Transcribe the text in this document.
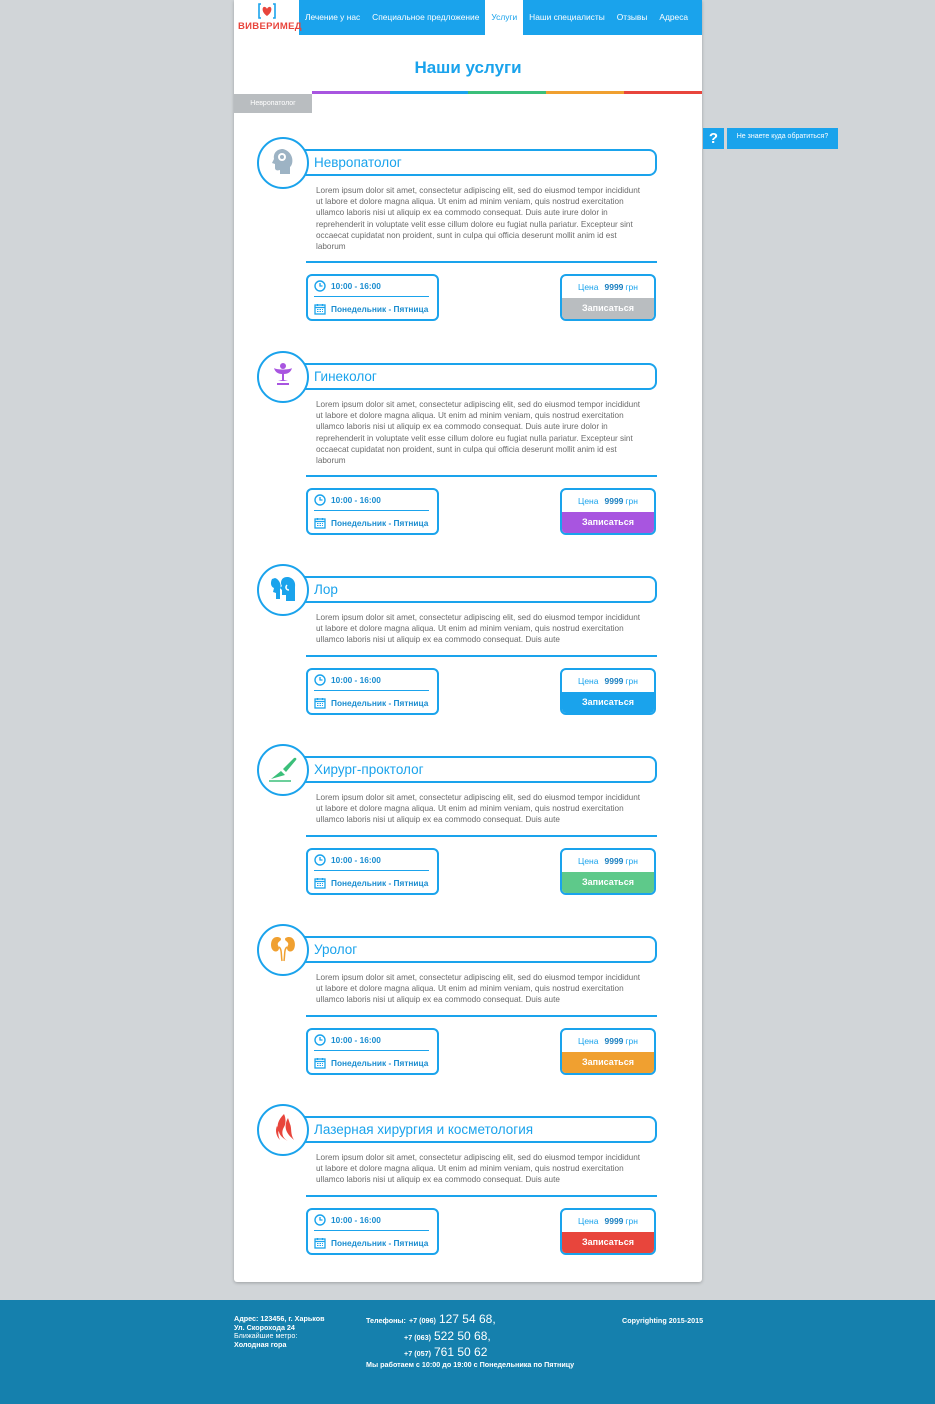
ВИВЕРИМЕД
Лечение у нас	Специальное предложение	Услуги	Наши специалисты	Отзывы	Адреса
Наши услуги
Невропатолог
?	Не знаете куда обратиться?
Невропатолог
Lorem ipsum dolor sit amet, consectetur adipiscing elit, sed do eiusmod tempor incididunt ut labore et dolore magna aliqua. Ut enim ad minim veniam, quis nostrud exercitation ullamco laboris nisi ut aliquip ex ea commodo consequat. Duis aute irure dolor in reprehenderit in voluptate velit esse cillum dolore eu fugiat nulla pariatur. Excepteur sint occaecat cupidatat non proident, sunt in culpa qui officia deserunt mollit anim id est laborum
10:00 - 16:00
Понедельник - Пятница
Цена 9999 грн
Записаться
Гинеколог
Lorem ipsum dolor sit amet, consectetur adipiscing elit, sed do eiusmod tempor incididunt ut labore et dolore magna aliqua. Ut enim ad minim veniam, quis nostrud exercitation ullamco laboris nisi ut aliquip ex ea commodo consequat. Duis aute irure dolor in reprehenderit in voluptate velit esse cillum dolore eu fugiat nulla pariatur. Excepteur sint occaecat cupidatat non proident, sunt in culpa qui officia deserunt mollit anim id est laborum
10:00 - 16:00
Понедельник - Пятница
Цена 9999 грн
Записаться
Лор
Lorem ipsum dolor sit amet, consectetur adipiscing elit, sed do eiusmod tempor incididunt ut labore et dolore magna aliqua. Ut enim ad minim veniam, quis nostrud exercitation ullamco laboris nisi ut aliquip ex ea commodo consequat. Duis aute
10:00 - 16:00
Понедельник - Пятница
Цена 9999 грн
Записаться
Хирург-проктолог
Lorem ipsum dolor sit amet, consectetur adipiscing elit, sed do eiusmod tempor incididunt ut labore et dolore magna aliqua. Ut enim ad minim veniam, quis nostrud exercitation ullamco laboris nisi ut aliquip ex ea commodo consequat. Duis aute
10:00 - 16:00
Понедельник - Пятница
Цена 9999 грн
Записаться
Уролог
Lorem ipsum dolor sit amet, consectetur adipiscing elit, sed do eiusmod tempor incididunt ut labore et dolore magna aliqua. Ut enim ad minim veniam, quis nostrud exercitation ullamco laboris nisi ut aliquip ex ea commodo consequat. Duis aute
10:00 - 16:00
Понедельник - Пятница
Цена 9999 грн
Записаться
Лазерная хирургия и косметология
Lorem ipsum dolor sit amet, consectetur adipiscing elit, sed do eiusmod tempor incididunt ut labore et dolore magna aliqua. Ut enim ad minim veniam, quis nostrud exercitation ullamco laboris nisi ut aliquip ex ea commodo consequat. Duis aute
10:00 - 16:00
Понедельник - Пятница
Цена 9999 грн
Записаться
Адрес: 123456, г. Харьков
Ул. Скорохода 24
Ближайшие метро:
Холодная гора
Телефоны: +7 (096) 127 54 68,
+7 (063) 522 50 68,
+7 (057) 761 50 62
Мы работаем с 10:00 до 19:00 с Понедельника по Пятницу
Copyrighting 2015-2015
